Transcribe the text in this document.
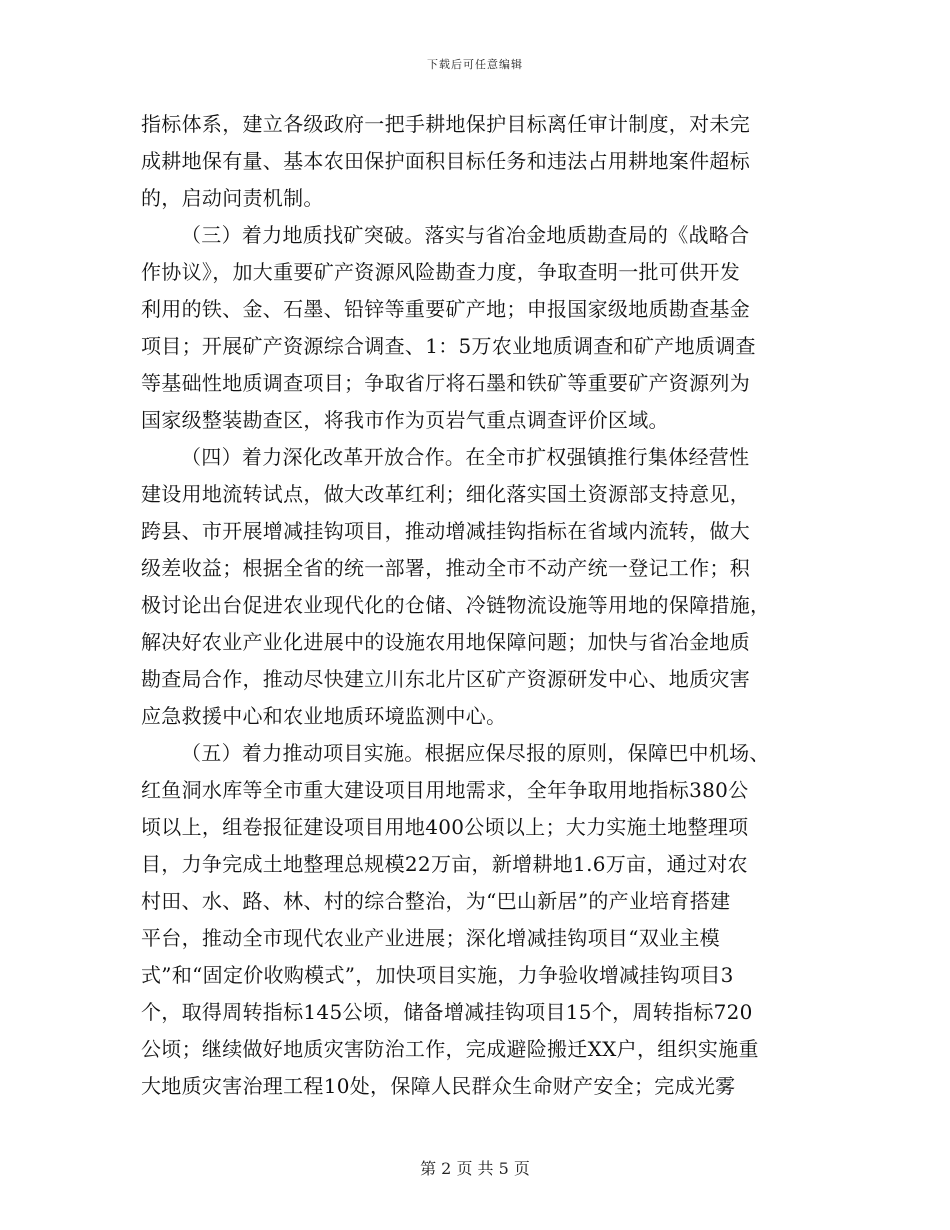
下载后可任意编辑
指标体系，建立各级政府一把手耕地保护目标离任审计制度，对未完
成耕地保有量、基本农田保护面积目标任务和违法占用耕地案件超标
的，启动问责机制。
（三）着力地质找矿突破。落实与省冶金地质勘查局的《战略合
作协议》，加大重要矿产资源风险勘查力度，争取查明一批可供开发
利用的铁、金、石墨、铅锌等重要矿产地；申报国家级地质勘查基金
项目；开展矿产资源综合调查、1：5万农业地质调查和矿产地质调查
等基础性地质调查项目；争取省厅将石墨和铁矿等重要矿产资源列为
国家级整装勘查区，将我市作为页岩气重点调查评价区域。
（四）着力深化改革开放合作。在全市扩权强镇推行集体经营性
建设用地流转试点，做大改革红利；细化落实国土资源部支持意见，
跨县、市开展增减挂钩项目，推动增减挂钩指标在省域内流转，做大
级差收益；根据全省的统一部署，推动全市不动产统一登记工作；积
极讨论出台促进农业现代化的仓储、冷链物流设施等用地的保障措施，
解决好农业产业化进展中的设施农用地保障问题；加快与省冶金地质
勘查局合作，推动尽快建立川东北片区矿产资源研发中心、地质灾害
应急救援中心和农业地质环境监测中心。
（五）着力推动项目实施。根据应保尽报的原则，保障巴中机场、
红鱼洞水库等全市重大建设项目用地需求，全年争取用地指标380公
顷以上，组卷报征建设项目用地400公顷以上；大力实施土地整理项
目，力争完成土地整理总规模22万亩，新增耕地1.6万亩，通过对农
村田、水、路、林、村的综合整治，为“巴山新居”的产业培育搭建
平台，推动全市现代农业产业进展；深化增减挂钩项目“双业主模
式”和“固定价收购模式”，加快项目实施，力争验收增减挂钩项目3
个，取得周转指标145公顷，储备增减挂钩项目15个，周转指标720
公顷；继续做好地质灾害防治工作，完成避险搬迁XX户，组织实施重
大地质灾害治理工程10处，保障人民群众生命财产安全；完成光雾
第 2 页 共 5 页
